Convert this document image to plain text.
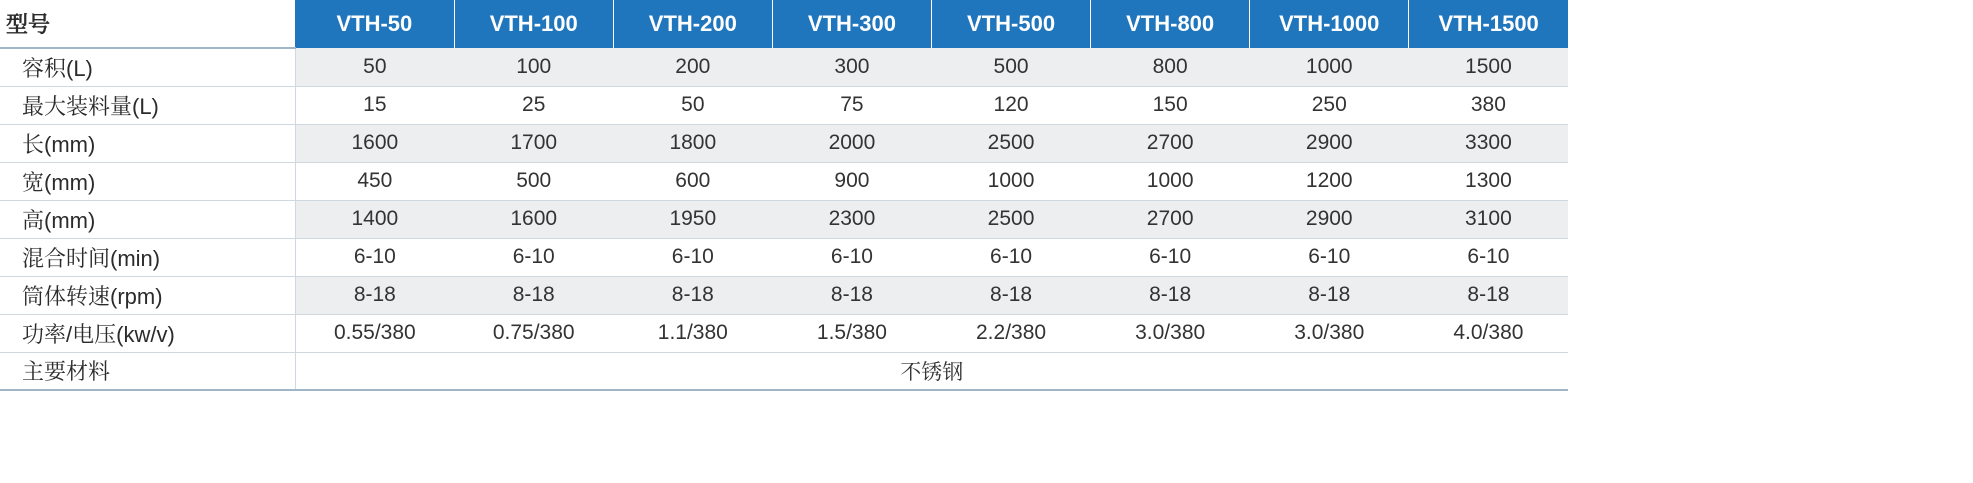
型号	VTH-50	VTH-100	VTH-200	VTH-300	VTH-500	VTH-800	VTH-1000	VTH-1500
容积(L)	50	100	200	300	500	800	1000	1500
最大装料量(L)	15	25	50	75	120	150	250	380
长(mm)	1600	1700	1800	2000	2500	2700	2900	3300
宽(mm)	450	500	600	900	1000	1000	1200	1300
高(mm)	1400	1600	1950	2300	2500	2700	2900	3100
混合时间(min)	6-10	6-10	6-10	6-10	6-10	6-10	6-10	6-10
筒体转速(rpm)	8-18	8-18	8-18	8-18	8-18	8-18	8-18	8-18
功率/电压(kw/v)	0.55/380	0.75/380	1.1/380	1.5/380	2.2/380	3.0/380	3.0/380	4.0/380
主要材料	不锈钢							
